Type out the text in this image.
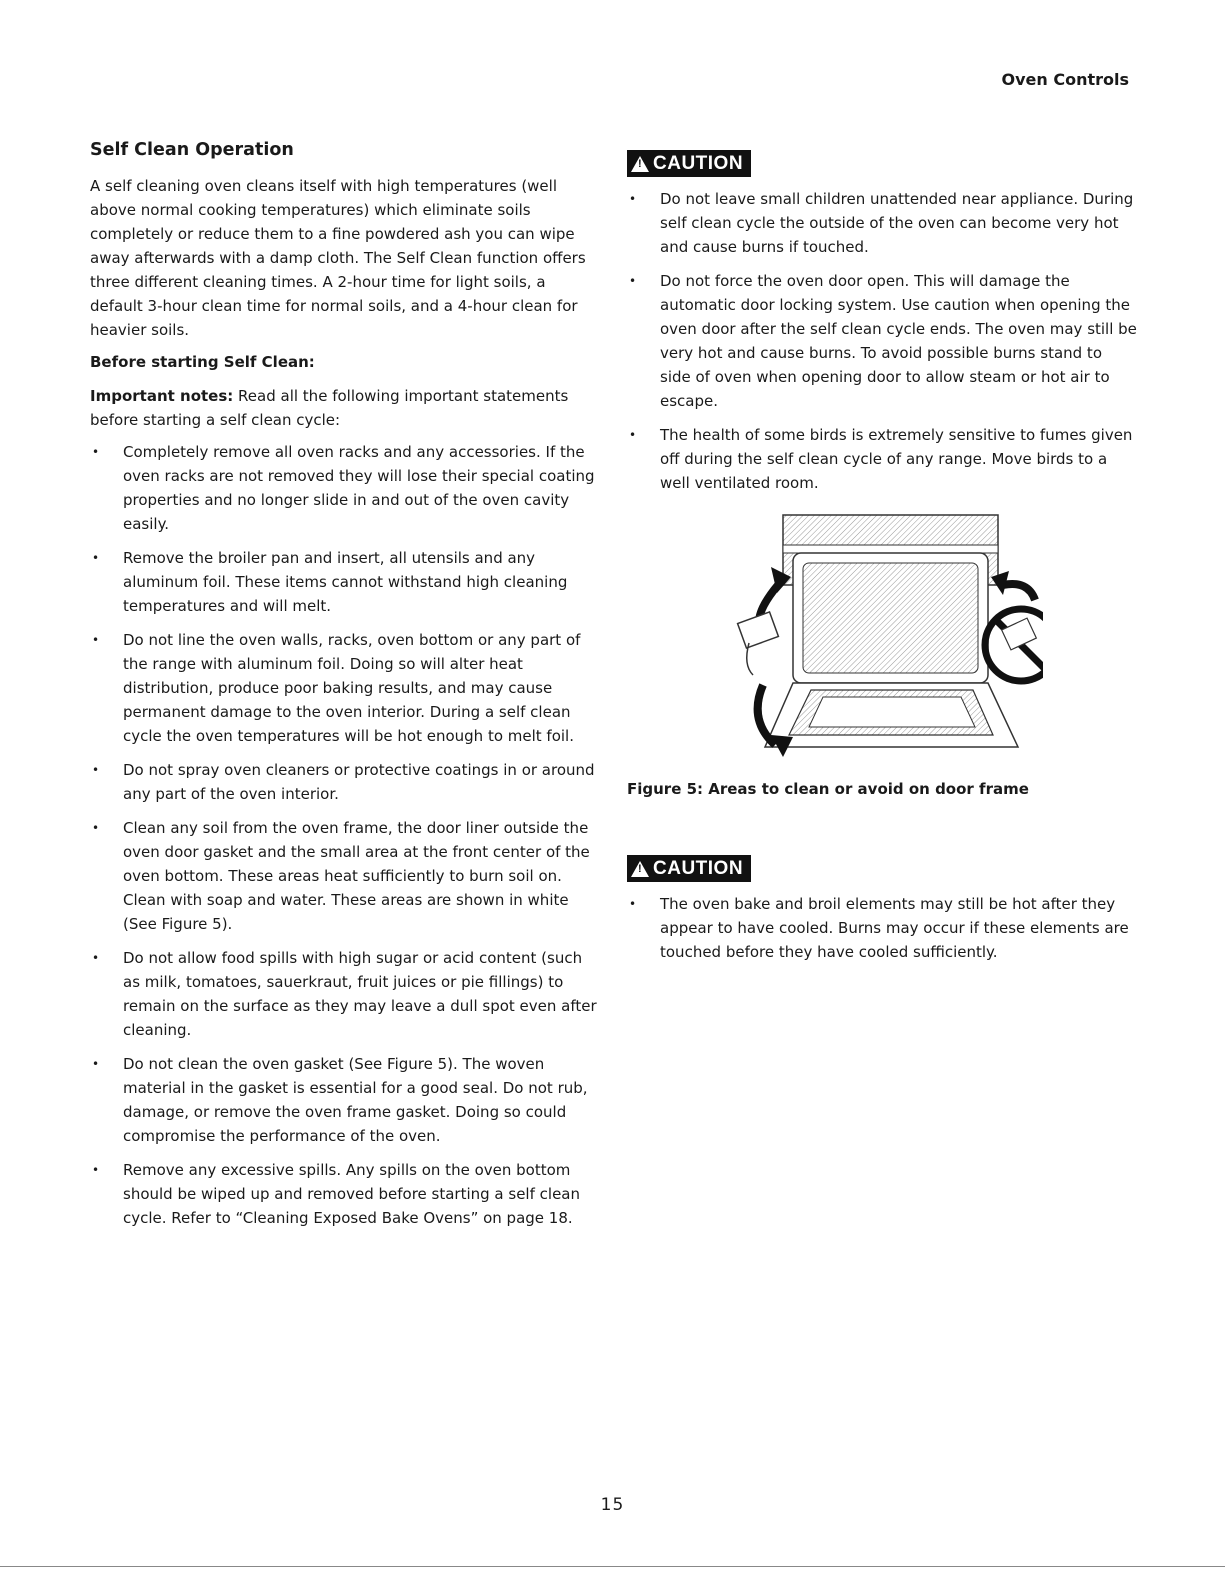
Oven Controls
Self Clean Operation

A self cleaning oven cleans itself with high temperatures (well above normal cooking temperatures) which eliminate soils completely or reduce them to a fine powdered ash you can wipe away afterwards with a damp cloth. The Self Clean function offers three different cleaning times. A 2-hour time for light soils, a default 3-hour clean time for normal soils, and a 4-hour clean for heavier soils.

Before starting Self Clean:

Important notes: Read all the following important statements before starting a self clean cycle:

• Completely remove all oven racks and any accessories. If the oven racks are not removed they will lose their special coating properties and no longer slide in and out of the oven cavity easily.
• Remove the broiler pan and insert, all utensils and any aluminum foil. These items cannot withstand high cleaning temperatures and will melt.
• Do not line the oven walls, racks, oven bottom or any part of the range with aluminum foil. Doing so will alter heat distribution, produce poor baking results, and may cause permanent damage to the oven interior. During a self clean cycle the oven temperatures will be hot enough to melt foil.
• Do not spray oven cleaners or protective coatings in or around any part of the oven interior.
• Clean any soil from the oven frame, the door liner outside the oven door gasket and the small area at the front center of the oven bottom. These areas heat sufficiently to burn soil on. Clean with soap and water. These areas are shown in white (See Figure 5).
• Do not allow food spills with high sugar or acid content (such as milk, tomatoes, sauerkraut, fruit juices or pie fillings) to remain on the surface as they may leave a dull spot even after cleaning.
• Do not clean the oven gasket (See Figure 5). The woven material in the gasket is essential for a good seal. Do not rub, damage, or remove the oven frame gasket. Doing so could compromise the performance of the oven.
• Remove any excessive spills. Any spills on the oven bottom should be wiped up and removed before starting a self clean cycle. Refer to “Cleaning Exposed Bake Ovens” on page 18.
!
CAUTION
• Do not leave small children unattended near appliance. During self clean cycle the outside of the oven can become very hot and cause burns if touched.
• Do not force the oven door open. This will damage the automatic door locking system. Use caution when opening the oven door after the self clean cycle ends. The oven may still be very hot and cause burns. To avoid possible burns stand to side of oven when opening door to allow steam or hot air to escape.
• The health of some birds is extremely sensitive to fumes given off during the self clean cycle of any range. Move birds to a well ventilated room.

Figure 5: Areas to clean or avoid on door frame

!
CAUTION
• The oven bake and broil elements may still be hot after they appear to have cooled. Burns may occur if these elements are touched before they have cooled sufficiently.
15
